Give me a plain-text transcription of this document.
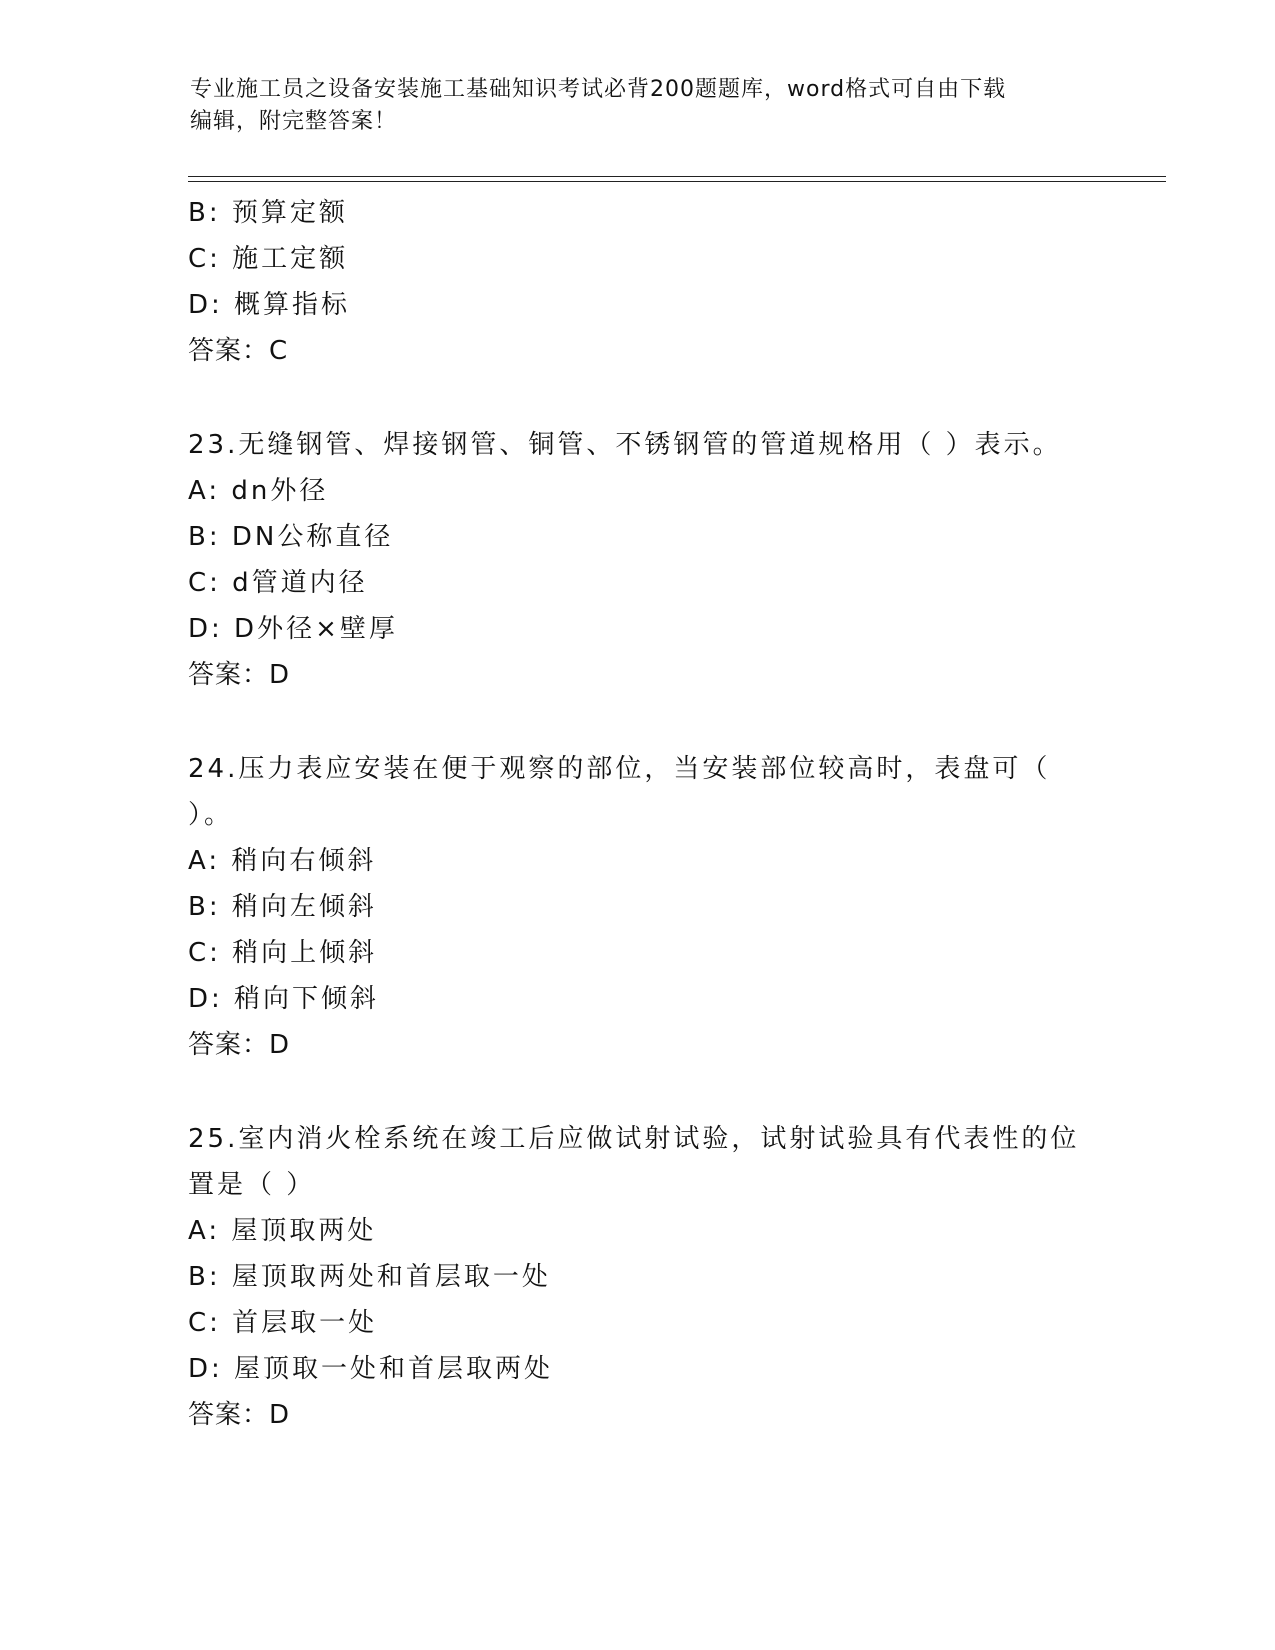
专业施工员之设备安装施工基础知识考试必背200题题库，word格式可自由下载
编辑，附完整答案！
B: 预算定额
C: 施工定额
D: 概算指标
答案：C
23.无缝钢管、焊接钢管、铜管、不锈钢管的管道规格用（ ）表示。
A: dn外径
B: DN公称直径
C: d管道内径
D: D外径×壁厚
答案：D
24.压力表应安装在便于观察的部位，当安装部位较高时，表盘可（
）。
A: 稍向右倾斜
B: 稍向左倾斜
C: 稍向上倾斜
D: 稍向下倾斜
答案：D
25.室内消火栓系统在竣工后应做试射试验，试射试验具有代表性的位
置是（ ）
A: 屋顶取两处
B: 屋顶取两处和首层取一处
C: 首层取一处
D: 屋顶取一处和首层取两处
答案：D
